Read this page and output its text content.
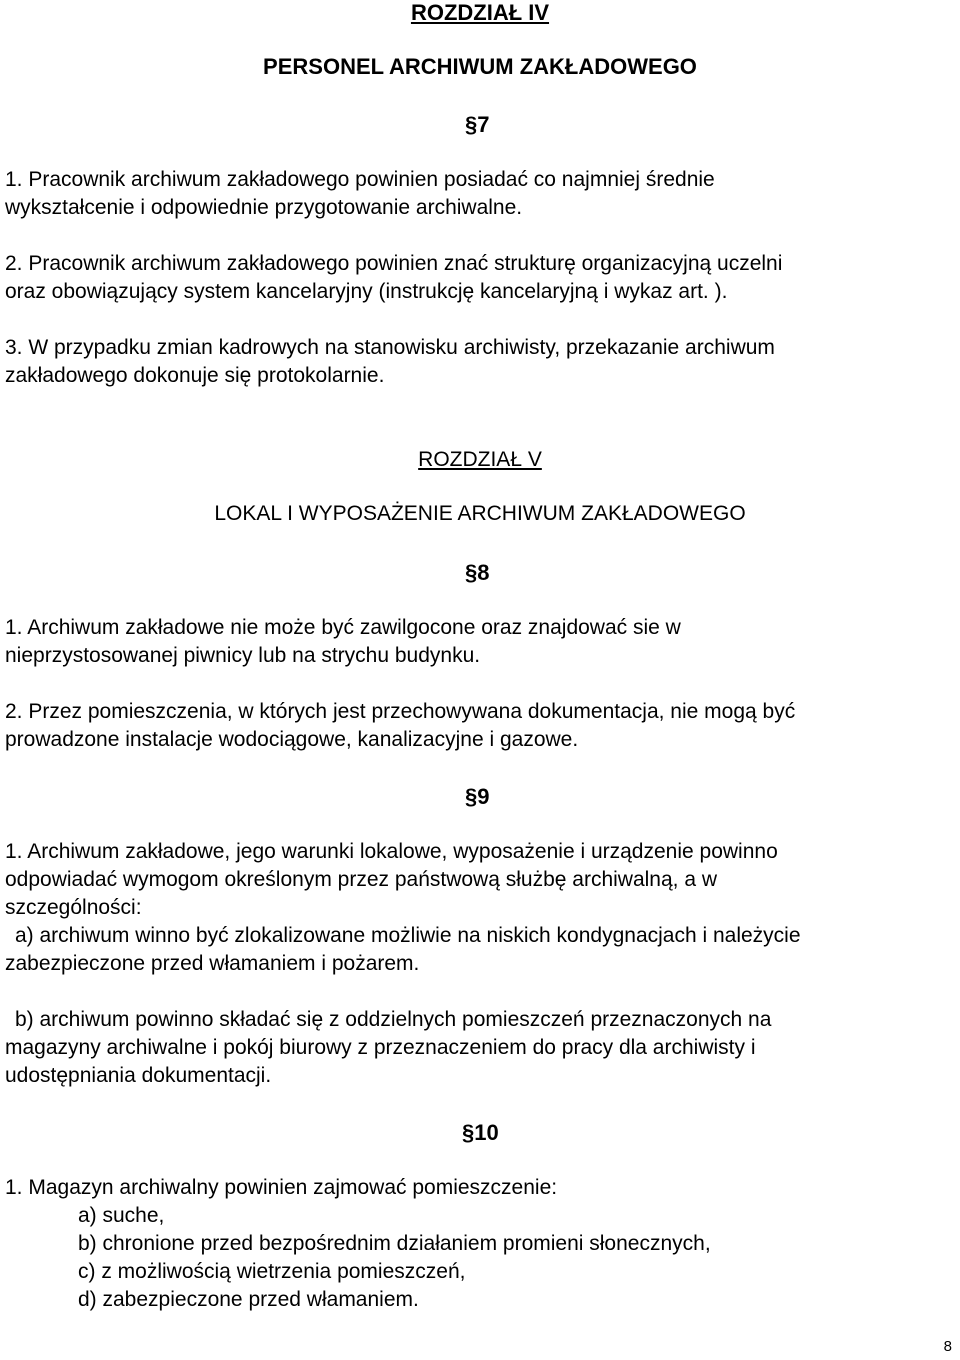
ROZDZIAŁ IV
PERSONEL ARCHIWUM ZAKŁADOWEGO
§7
1. Pracownik archiwum zakładowego powinien posiadać co najmniej średnie
wykształcenie i odpowiednie przygotowanie archiwalne.
2. Pracownik archiwum zakładowego powinien znać strukturę organizacyjną uczelni
oraz obowiązujący system kancelaryjny (instrukcję kancelaryjną i wykaz art. ).
3. W przypadku zmian kadrowych na stanowisku archiwisty, przekazanie archiwum
zakładowego dokonuje się protokolarnie.
ROZDZIAŁ V
LOKAL I WYPOSAŻENIE ARCHIWUM ZAKŁADOWEGO
§8
1. Archiwum zakładowe nie może być zawilgocone oraz znajdować sie w
nieprzystosowanej piwnicy lub na strychu budynku.
2. Przez pomieszczenia, w których jest przechowywana dokumentacja, nie mogą być
prowadzone instalacje wodociągowe, kanalizacyjne i gazowe.
§9
1. Archiwum zakładowe, jego warunki lokalowe, wyposażenie i urządzenie powinno
odpowiadać wymogom określonym przez państwową służbę archiwalną, a w
szczególności:
a) archiwum winno być zlokalizowane możliwie na niskich kondygnacjach i należycie
zabezpieczone przed włamaniem i pożarem.
b) archiwum powinno składać się z oddzielnych pomieszczeń przeznaczonych na
magazyny archiwalne i pokój biurowy z przeznaczeniem do pracy dla archiwisty i
udostępniania dokumentacji.
§10
1. Magazyn archiwalny powinien zajmować pomieszczenie:
a) suche,
b) chronione przed bezpośrednim działaniem promieni słonecznych,
c) z możliwością wietrzenia pomieszczeń,
d) zabezpieczone przed włamaniem.
8
